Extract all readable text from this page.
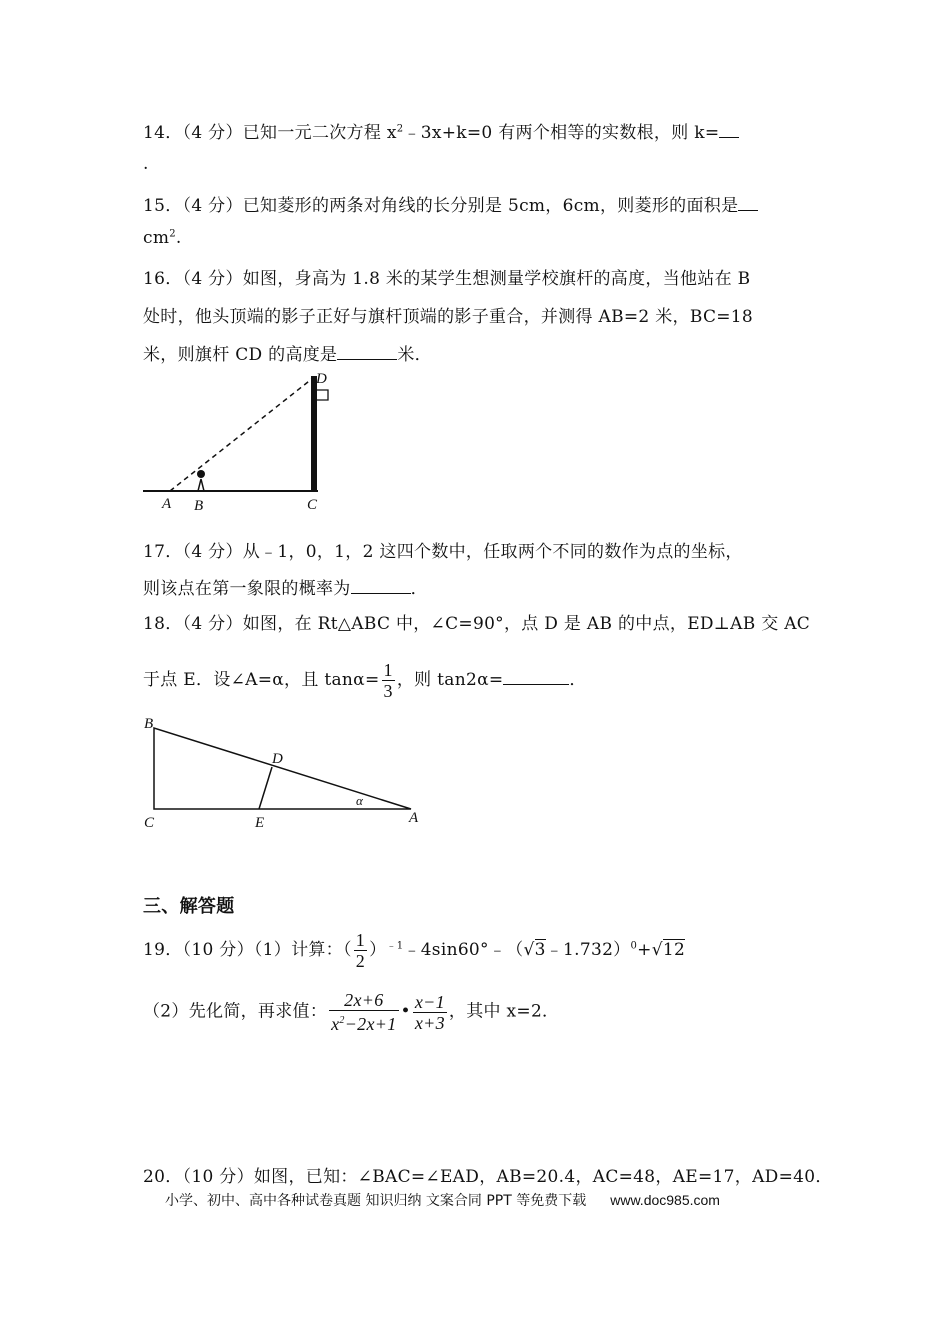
14．（4 分）已知一元二次方程 $x^2﹣3x+k=0$ 有两个相等的实数根，则 k=
.
15．（4 分）已知菱形的两条对角线的长分别是 5cm，6cm，则菱形的面积是
$cm^2$.
16．（4 分）如图，身高为 1.8 米的某学生想测量学校旗杆的高度，当他站在 B
处时，他头顶端的影子正好与旗杆顶端的影子重合，并测得 AB=2 米，BC=18
米，则旗杆 CD 的高度是	米．
A B	C
D
17．（4 分）从﹣1，0，1，2 这四个数中，任取两个不同的数作为点的坐标，
则该点在第一象限的概率为	．
18．（4 分）如图，在 Rt△ABC 中，∠C=90°，点 D 是 AB 的中点，ED⊥AB 交 AC
于点 E．设∠A=α，且 $\tan\alpha= \frac{1}{3}$ ，则 tan2α=	．
B
C
D
E	A
α
三、解答题
19．（10 分）（1）计算：（ $\frac{1}{2}$ ）$^{﹣1}$﹣4sin60°﹣（√3﹣1.732）$^0$+√12
（2）先化简，再求值： $\frac{2x+6}{x^2-2x+1}$ • $\frac{x-1}{x+3}$ ，其中 x=2．
20．（10 分）如图，已知：∠BAC=∠EAD，AB=20.4，AC=48，AE=17，AD=40．
小学、初中、高中各种试卷真题 知识归纳 文案合同 PPT 等免费下载 www.doc985.com
